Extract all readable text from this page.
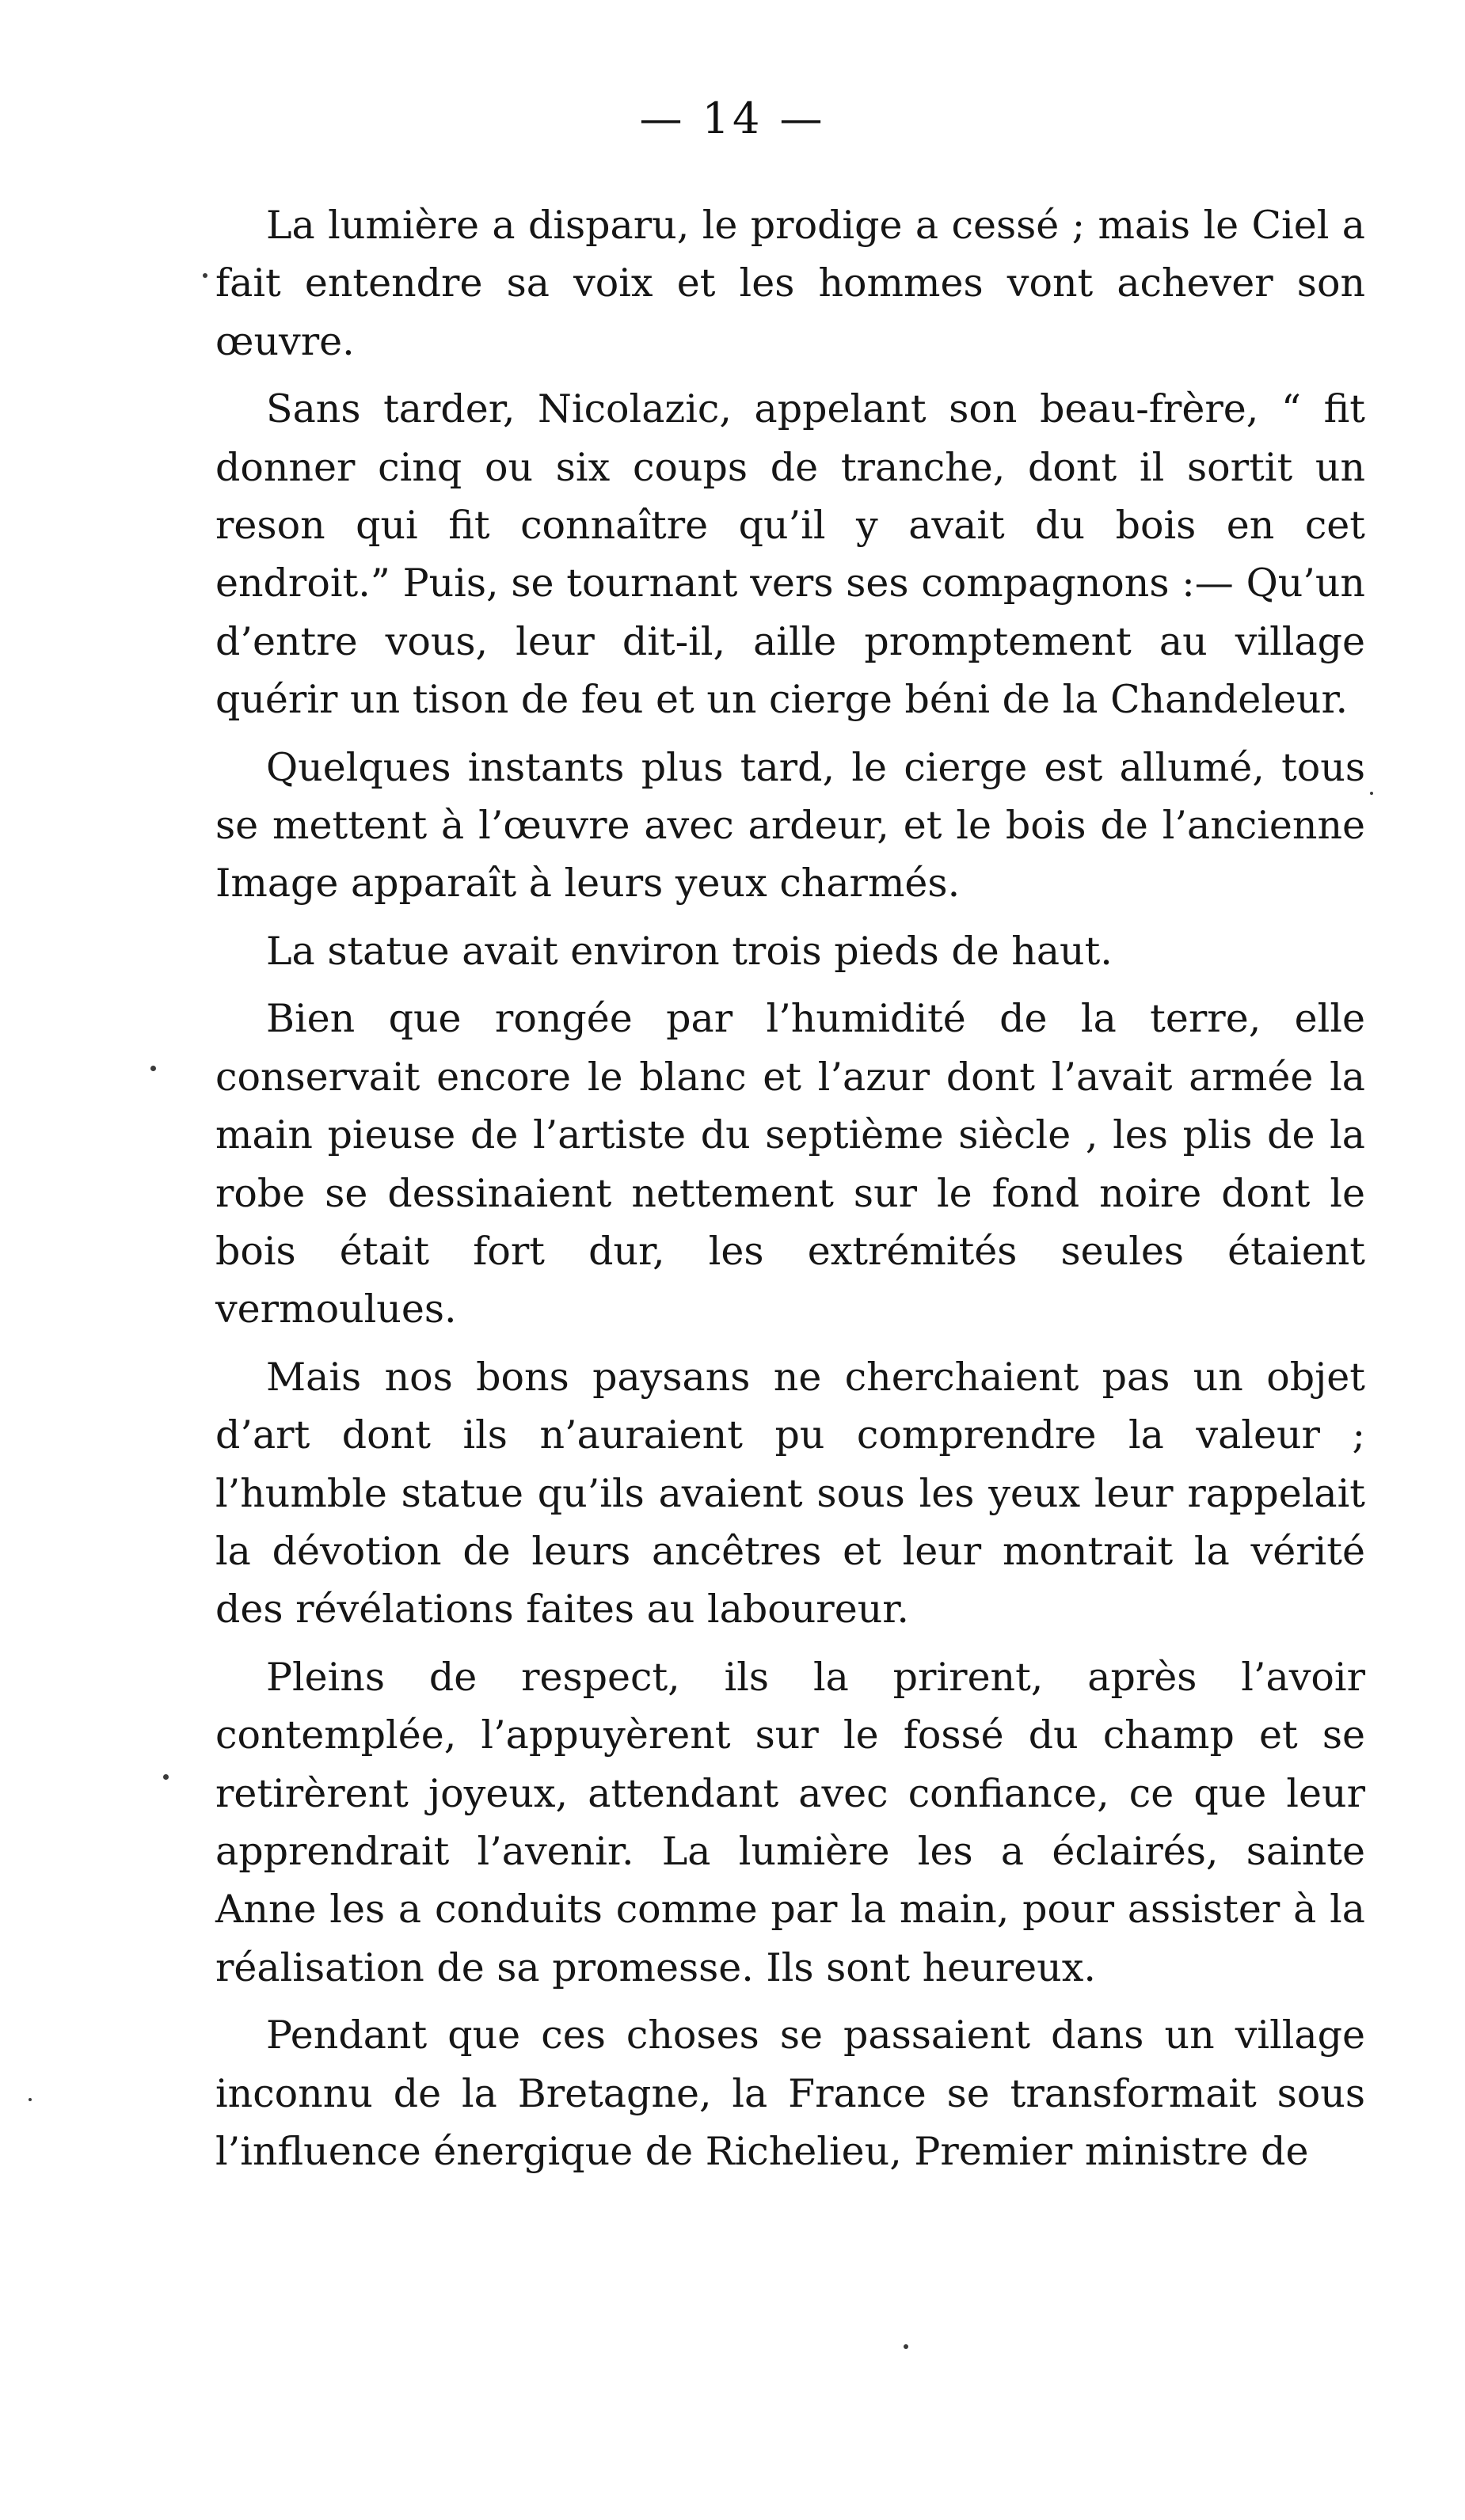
— 14 —

La lumière a disparu, le prodige a cessé ; mais le Ciel a fait entendre sa voix et les hommes vont achever son œuvre.

Sans tarder, Nicolazic, appelant son beau-frère, “ fit donner cinq ou six coups de tranche, dont il sortit un reson qui fit connaître qu’il y avait du bois en cet endroit.” Puis, se tournant vers ses compagnons :— Qu’un d’entre vous, leur dit-il, aille promptement au village quérir un tison de feu et un cierge béni de la Chandeleur.

Quelques instants plus tard, le cierge est allumé, tous se mettent à l’œuvre avec ardeur, et le bois de l’ancienne Image apparaît à leurs yeux charmés.

La statue avait environ trois pieds de haut.

Bien que rongée par l’humidité de la terre, elle conservait encore le blanc et l’azur dont l’avait armée la main pieuse de l’artiste du septième siècle , les plis de la robe se dessinaient nettement sur le fond noire dont le bois était fort dur, les extrémités seules étaient vermoulues.

Mais nos bons paysans ne cherchaient pas un objet d’art dont ils n’auraient pu comprendre la valeur ; l’humble statue qu’ils avaient sous les yeux leur rappelait la dévotion de leurs ancêtres et leur montrait la vérité des révélations faites au laboureur.

Pleins de respect, ils la prirent, après l’avoir contemplée, l’appuyèrent sur le fossé du champ et se retirèrent joyeux, attendant avec confiance, ce que leur apprendrait l’avenir. La lumière les a éclairés, sainte Anne les a conduits comme par la main, pour assister à la réalisation de sa promesse. Ils sont heureux.

Pendant que ces choses se passaient dans un village inconnu de la Bretagne, la France se transformait sous l’influence énergique de Richelieu, Premier ministre de
